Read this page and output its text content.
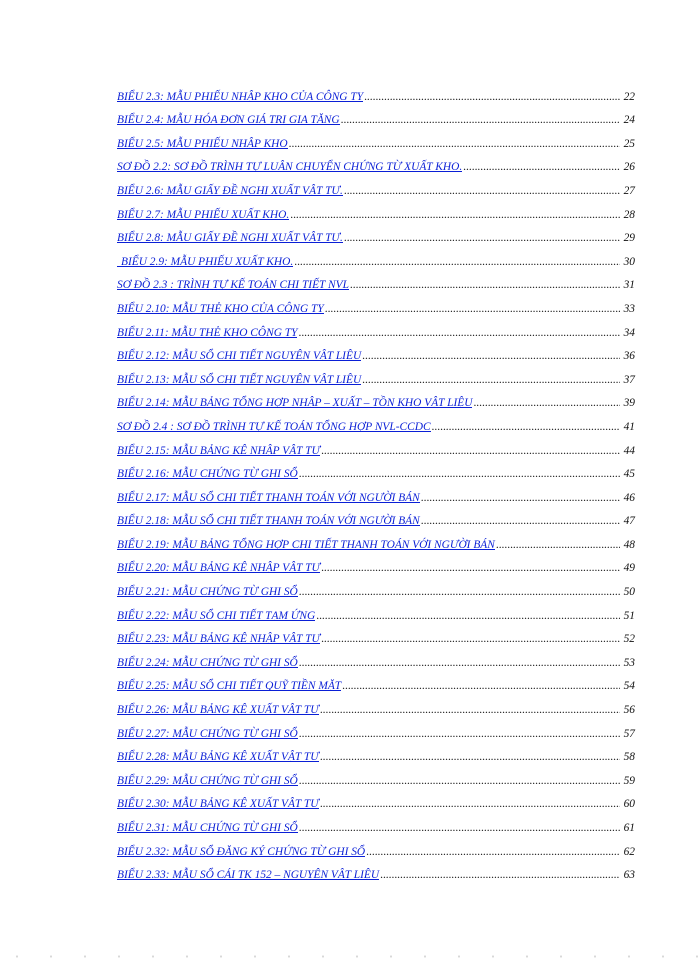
BIỂU 2.3: MẪU PHIẾU NHẬP KHO CỦA CÔNG TY .....	22
BIỂU 2.4: MẪU HÓA ĐƠN GIÁ TRỊ GIA TĂNG .....	24
BIỂU 2.5: MẪU PHIẾU NHẬP KHO .....	25
SƠ ĐỒ 2.2: SƠ ĐỒ TRÌNH TỰ LUÂN CHUYỂN CHỨNG TỪ XUẤT KHO. .....	26
BIỂU 2.6: MẪU GIẤY ĐỀ NGHỊ XUẤT VẬT TƯ. .....	27
BIỂU 2.7: MẪU PHIẾU XUẤT KHO. .....	28
BIỂU 2.8: MẪU GIẤY ĐỀ NGHỊ XUẤT VẬT TƯ. .....	29
BIỂU 2.9: MẪU PHIẾU XUẤT KHO. .....	30
SƠ ĐỒ 2.3 : TRÌNH TỰ KẾ TOÁN CHI TIẾT NVL .....	31
BIỂU 2.10: MẪU THẺ KHO CỦA CÔNG TY .....	33
BIỂU 2.11: MẪU THẺ KHO CÔNG TY .....	34
BIỂU 2.12: MẪU SỔ CHI TIẾT NGUYÊN VẬT LIỆU .....	36
BIỂU 2.13: MẪU SỔ CHI TIẾT NGUYÊN VẬT LIỆU .....	37
BIỂU 2.14: MẪU BẢNG TỔNG HỢP NHẬP – XUẤT – TỒN KHO VẬT LIỆU .....	39
SƠ ĐỒ 2.4 : SƠ ĐỒ TRÌNH TỰ KẾ TOÁN TỔNG HỢP NVL-CCDC .....	41
BIỂU 2.15: MẪU BẢNG KÊ NHẬP VẬT TƯ .....	44
BIỂU 2.16: MẪU CHỨNG TỪ GHI SỔ .....	45
BIỂU 2.17: MẪU SỔ CHI TIẾT THANH TOÁN VỚI NGƯỜI BÁN .....	46
BIỂU 2.18: MẪU SỔ CHI TIẾT THANH TOÁN VỚI NGƯỜI BÁN .....	47
BIỂU 2.19: MẪU BẢNG TỔNG HỢP CHI TIẾT THANH TOÁN VỚI NGƯỜI BÁN .....	48
BIỂU 2.20: MẪU BẢNG KÊ NHẬP VẬT TƯ .....	49
BIỂU 2.21: MẪU CHỨNG TỪ GHI SỔ .....	50
BIỂU 2.22: MẪU SỔ CHI TIẾT TẠM ỨNG .....	51
BIỂU 2.23: MẪU BẢNG KÊ NHẬP VẬT TƯ .....	52
BIỂU 2.24: MẪU CHỨNG TỪ GHI SỔ .....	53
BIỂU 2.25: MẪU SỔ CHI TIẾT QUỸ TIỀN MẶT .....	54
BIỂU 2.26: MẪU BẢNG KÊ XUẤT VẬT TƯ .....	56
BIỂU 2.27: MẪU CHỨNG TỪ GHI SỔ .....	57
BIỂU 2.28: MẪU BẢNG KÊ XUẤT VẬT TƯ .....	58
BIỂU 2.29: MẪU CHỨNG TỪ GHI SỔ .....	59
BIỂU 2.30: MẪU BẢNG KÊ XUẤT VẬT TƯ .....	60
BIỂU 2.31: MẪU CHỨNG TỪ GHI SỔ .....	61
BIỂU 2.32: MẪU SỔ ĐĂNG KÝ CHỨNG TỪ GHI SỔ .....	62
BIỂU 2.33: MẪU SỔ CÁI TK 152 – NGUYÊN VẬT LIỆU .....	63
